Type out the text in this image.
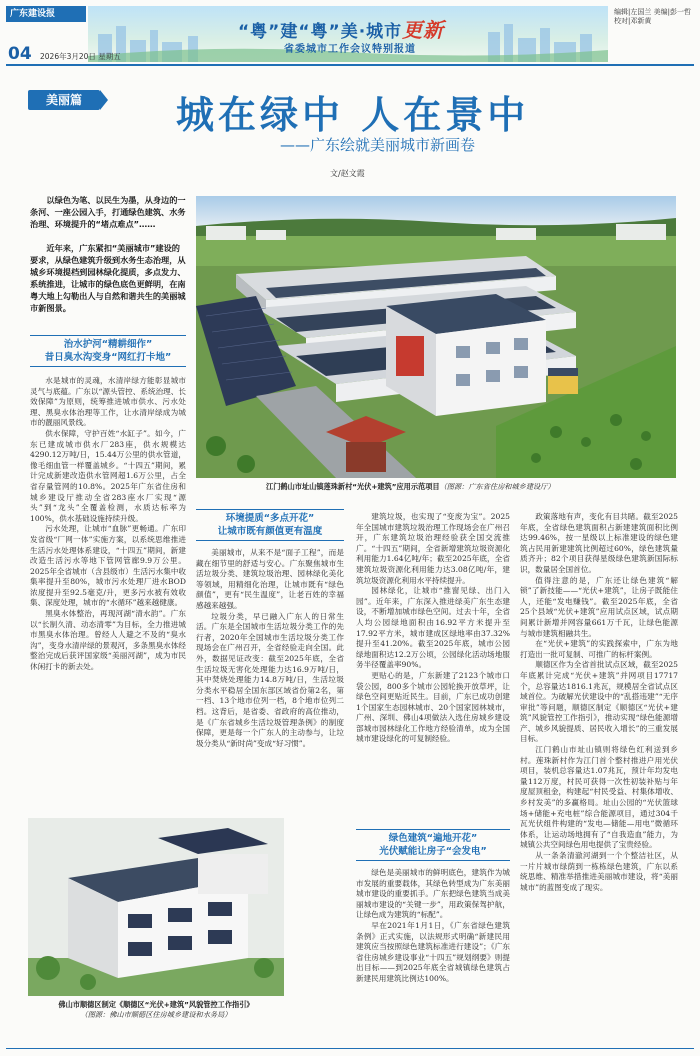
广东建设报
“粤”建“粤”美·城市更新
省委城市工作会议特别报道
编辑|左国兰 美编|彭一哲 校对|邓新黄
04 2026年3月20日 星期五
美丽篇	城在绿中 人在景中
——广东绘就美丽城市新画卷
文/赵文霞

以绿色为笔、以民生为墨，从身边的一条河、一座公园入手，打通绿色建筑、水务治理、环境提升的“堵点难点”……

近年来，广东紧扣“美丽城市”建设的要求，从绿色建筑升级到水务生态治理，从城乡环境提档到园林绿化提质，多点发力、系统推进，让城市的绿色底色更鲜明，在南粤大地上勾勒出人与自然和谐共生的美丽城市新图景。

江门鹤山市址山镇莲珠新村“光伏+建筑”应用示范项目（图源：广东省住房和城乡建设厅）
治水护河“精耕细作”
昔日臭水沟变身“网红打卡地”

水是城市的灵魂，水清岸绿方能彰显城市灵气与底蕴。广东以“源头管控、系统治理、长效保障”为原则，统筹推进城市供水、污水处理、黑臭水体治理等工作，让水清岸绿成为城市的靓丽风景线。

供水保障，守护百姓“水缸子”。如今，广东已建成城市供水厂283座，供水规模达4290.12万吨/日，15.44万公里的供水管道，像毛细血管一样覆盖城乡。“十四五”期间，累计完成新建改造供水管网超1.6万公里，占全省存量管网的10.8%。2025年广东省住房和城乡建设厅推动全省283座水厂实现“源头”到“龙头”全覆盖检测，水质达标率为100%，供水基础设施持续升级。

污水处理，让城市“血脉”更畅通。广东印发省级“厂网一体”实施方案，以系统思维推进生活污水处理体系建设，“十四五”期间，新建改造生活污水等地下管网管廊9.9万公里。2025年全省城市（含县级市）生活污水集中收集率提升至80%，城市污水处理厂进水BOD浓度提升至92.5毫克/升，更多污水被有效收集、深度处理，城市的“水循环”越来越健康。

黑臭水体整治，再现河湖“清水韵”。广东以“长制久清、动态清零”为目标，全力推进城市黑臭水体治理。曾经人人避之不及的“臭水沟”，变身水清岸绿的景观河，多条黑臭水体经整治完成后获评国家级“美丽河湖”，成为市民休闲打卡的新去处。

佛山市顺德区制定《顺德区“光伏+建筑”风貌管控工作指引》
（图源：佛山市顺德区住房城乡建设和水务局）
环境提质“多点开花”
让城市既有颜值更有温度

美丽城市，从来不是“面子工程”，而是藏在细节里的舒适与安心。广东聚焦城市生活垃圾分类、建筑垃圾治理、园林绿化美化等领域，用精细化治理，让城市既有“绿色颜值”，更有“民生温度”，让老百姓的幸福感越来越强。

垃圾分类，早已融入广东人的日常生活。广东是全国城市生活垃圾分类工作的先行者，2020年全国城市生活垃圾分类工作现场会在广州召开，全省经验走向全国。此外，数据见证改变：截至2025年底，全省生活垃圾无害化处理能力达16.9万吨/日，其中焚烧处理能力14.8万吨/日，生活垃圾分类水平稳居全国东部区域省份第2名，第一档、13个地市位列一档，8个地市位列二档。这背后，是省委、省政府的高位推动，是《广东省城乡生活垃圾管理条例》的制度保障，更是每一个广东人的主动参与，让垃圾分类从“新时尚”变成“好习惯”。

建筑垃圾，也实现了“变废为宝”。2025年全国城市建筑垃圾治理工作现场会在广州召开，广东建筑垃圾治理经验获全国交流推广。“十四五”期间，全省新增建筑垃圾资源化利用能力1.64亿吨/年；截至2025年底，全省建筑垃圾资源化利用能力达3.08亿吨/年，建筑垃圾资源化利用水平持续提升。

园林绿化，让城市“推窗见绿、出门入园”。近年来，广东深入推进绿美广东生态建设，不断增加城市绿色空间。过去十年，全省人均公园绿地面积由16.92平方米提升至17.92平方米，城市建成区绿地率由37.32%提升至41.20%。截至2025年底，城市公园绿地面积达12.2万公顷，公园绿化活动场地服务半径覆盖率90%。

更贴心的是，广东新建了2123个城市口袋公园，800多个城市公园轮换开放草坪，让绿色空间更贴近民生。目前，广东已成功创建1个国家生态园林城市、20个国家园林城市，广州、深圳、佛山4项做法入选住房城乡建设部城市园林绿化工作地方经验清单，成为全国城市建设绿化的可复制经验。

绿色建筑“遍地开花”
光伏赋能让房子“会发电”

绿色是美丽城市的鲜明底色，建筑作为城市发展的重要载体，其绿色转型成为广东美丽城市建设的重要抓手。广东把绿色建筑当成美丽城市建设的“关键一步”，用政策保驾护航，让绿色成为建筑的“标配”。

早在2021年1月1日，《广东省绿色建筑条例》正式实施，以法规形式明确“新建民用建筑应当按照绿色建筑标准进行建设”；《广东省住房城乡建设事业“十四五”规划纲要》则提出目标——到2025年底全省城镇绿色建筑占新建民用建筑比例达100%。

政策落地有声，变化有目共睹。截至2025年底，全省绿色建筑面积占新建建筑面积比例达99.46%，按一星级以上标准建设的绿色建筑占民用新建建筑比例超过60%，绿色建筑量质齐升；82个项目获得星级绿色建筑新国际标识，数量居全国首位。

值得注意的是，广东还让绿色建筑“解锁”了新技能——“光伏+建筑”，让房子既能住人，还能“发电赚钱”。截至2025年底，全省25个县域“光伏+建筑”应用试点区域，试点期间累计新增并网容量661万千瓦，让绿色能源与城市建筑相融共生。

在“光伏+建筑”的实践探索中，广东为地打造出一批可复制、可推广的标杆案例。

顺德区作为全省首批试点区域，截至2025年底累计完成“光伏+建筑”并网项目17717个，总容量达1816.1兆瓦，规模居全省试点区域首位。为破解光伏建设中的“乱搭违建”“无序审批”等问题，顺德区制定《顺德区“光伏+建筑”风貌管控工作指引》，推动实现“绿色能源增产、城乡风貌提质、居民收入增长”的三重发展目标。

江门鹤山市址山镇则将绿色红利送到乡村。莲珠新村作为江门首个整村推进户用光伏项目，装机总容量达1.07兆瓦，预计年均发电量112万度，村民可获得一次性初装补贴与年度屋顶租金，构建起“村民受益、村集体增收、乡村发美”的多赢格局。址山公园的“光伏篮球场+储能+充电桩”综合能源项目，通过304千瓦光伏组件构建的“发电—储能—用电”微循环体系，让运动场地拥有了“自我造血”能力，为城镇公共空间绿色用电提供了宝贵经验。

从一条条清澈河湖到一个个整洁社区，从一片片城市绿荫到一栋栋绿色建筑，广东以系统思维、精准举措推进美丽城市建设，将“美丽城市”的蓝图变成了现实。
